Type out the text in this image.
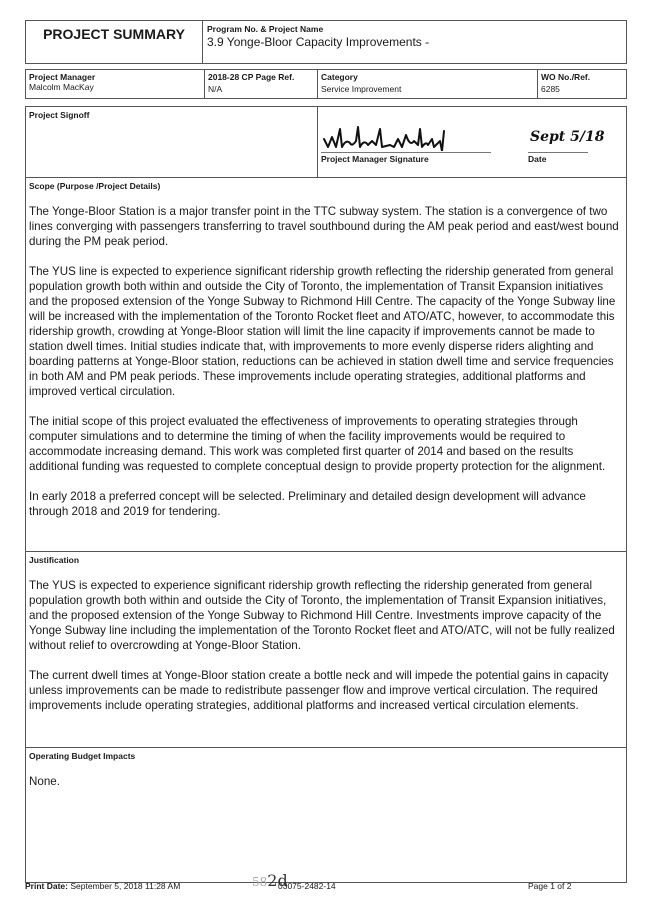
PROJECT SUMMARY	Program No. & Project Name
3.9 Yonge-Bloor Capacity Improvements -
Project Manager
Malcolm MacKay
2018-28 CP Page Ref.
N/A
Category
Service Improvement
WO No./Ref.
6285
Project Signoff
Project Manager Signature
Sept 5/18
Date
Scope (Purpose /Project Details)

The Yonge-Bloor Station is a major transfer point in the TTC subway system. The station is a convergence of two lines converging with passengers transferring to travel southbound during the AM peak period and east/west bound during the PM peak period.

The YUS line is expected to experience significant ridership growth reflecting the ridership generated from general population growth both within and outside the City of Toronto, the implementation of Transit Expansion initiatives and the proposed extension of the Yonge Subway to Richmond Hill Centre. The capacity of the Yonge Subway line will be increased with the implementation of the Toronto Rocket fleet and ATO/ATC, however, to accommodate this ridership growth, crowding at Yonge-Bloor station will limit the line capacity if improvements cannot be made to station dwell times. Initial studies indicate that, with improvements to more evenly disperse riders alighting and boarding patterns at Yonge-Bloor station, reductions can be achieved in station dwell time and service frequencies in both AM and PM peak periods. These improvements include operating strategies, additional platforms and improved vertical circulation.

The initial scope of this project evaluated the effectiveness of improvements to operating strategies through computer simulations and to determine the timing of when the facility improvements would be required to accommodate increasing demand. This work was completed first quarter of 2014 and based on the results additional funding was requested to complete conceptual design to provide property protection for the alignment.

In early 2018 a preferred concept will be selected. Preliminary and detailed design development will advance through 2018 and 2019 for tendering.

Justification

The YUS is expected to experience significant ridership growth reflecting the ridership generated from general population growth both within and outside the City of Toronto, the implementation of Transit Expansion initiatives, and the proposed extension of the Yonge Subway to Richmond Hill Centre. Investments improve capacity of the Yonge Subway line including the implementation of the Toronto Rocket fleet and ATO/ATC, will not be fully realized without relief to overcrowding at Yonge-Bloor Station.

The current dwell times at Yonge-Bloor station create a bottle neck and will impede the potential gains in capacity unless improvements can be made to redistribute passenger flow and improve vertical circulation. The required improvements include operating strategies, additional platforms and increased vertical circulation elements.

Operating Budget Impacts

None.

Print Date: September 5, 2018 11:28 AM	582d
03075-2482-14	Page 1 of 2
